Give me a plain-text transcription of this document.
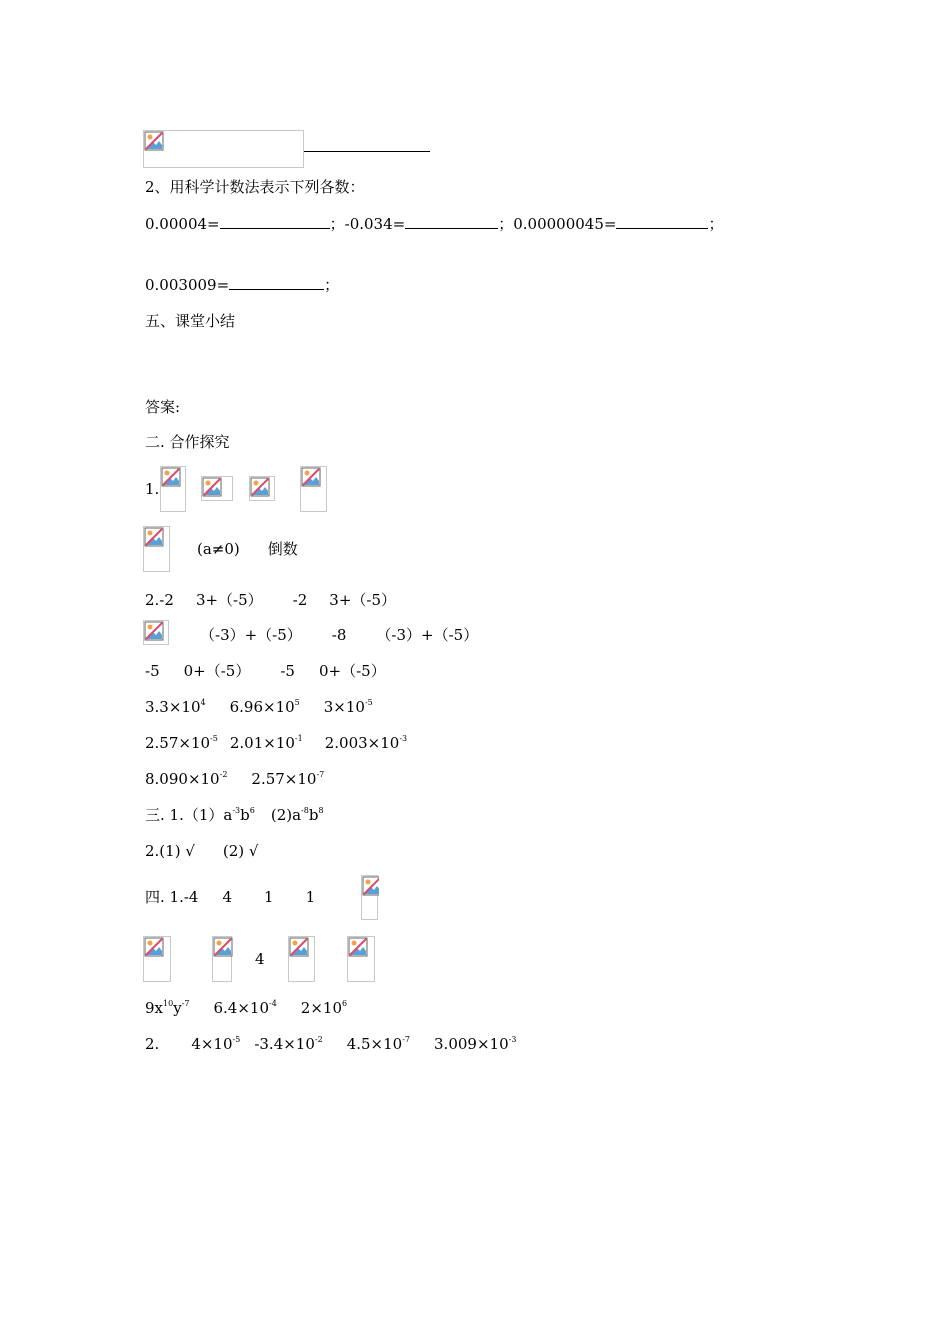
2、用科学计数法表示下列各数：
0.00004=	；-0.034=	；0.00000045=	；
0.003009=	；
五、课堂小结
答案:
二. 合作探究
1.
(a≠0) 倒数
2.-2 3+（-5） -2 3+（-5）
（-3）+（-5） -8 （-3）+（-5）
-5 0+（-5） -5 0+（-5）
$3.3\times 10^4$ $6.96\times 10^5$ $3\times 10^{-5}$
$2.57\times 10^{-5}$ $2.01\times 10^{-1}$ $2.003\times 10^{-3}$
$8.090\times 10^{-2}$ $2.57\times 10^{-7}$
三. $1.(1)a^{-3}b^6$ $(2)a^{-8}b^8$
2.(1) √ (2) √
四. 1.-4 4 1 1
4
$9x^{10}y^{-7}$ $6.4\times 10^{-4}$ $2\times 10^6$
2. $4\times 10^{-5}$ $-3.4\times 10^{-2}$ $4.5\times 10^{-7}$ $3.009\times 10^{-3}$
